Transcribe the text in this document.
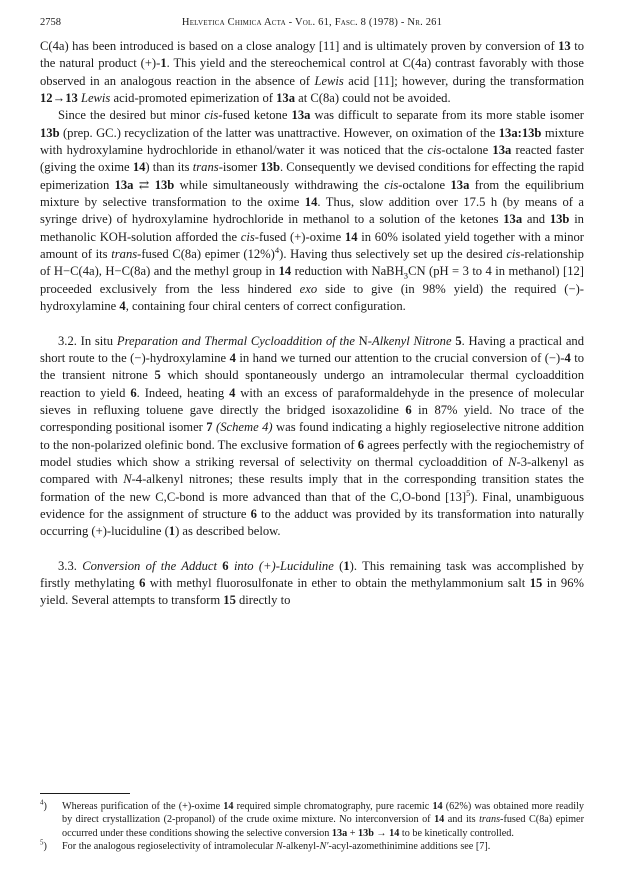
2758	Helvetica Chimica Acta - Vol. 61, Fasc. 8 (1978) - Nr. 261

C(4a) has been introduced is based on a close analogy [11] and is ultimately proven by conversion of 13 to the natural product (+)-1. This yield and the stereochemical control at C(4a) contrast favorably with those observed in an analogous reaction in the absence of Lewis acid [11]; however, during the transformation 12→13 Lewis acid-promoted epimerization of 13a at C(8a) could not be avoided.

Since the desired but minor cis-fused ketone 13a was difficult to separate from its more stable isomer 13b (prep. GC.) recyclization of the latter was unattractive. However, on oximation of the 13a:13b mixture with hydroxylamine hydrochloride in ethanol/water it was noticed that the cis-octalone 13a reacted faster (giving the oxime 14) than its trans-isomer 13b. Consequently we devised conditions for effecting the rapid epimerization 13a ⇄ 13b while simultaneously withdrawing the cis-octalone 13a from the equilibrium mixture by selective transformation to the oxime 14. Thus, slow addition over 17.5 h (by means of a syringe drive) of hydroxylamine hydrochloride in methanol to a solution of the ketones 13a and 13b in methanolic KOH-solution afforded the cis-fused (+)-oxime 14 in 60% isolated yield together with a minor amount of its trans-fused C(8a) epimer $(12\%)^4$). Having thus selectively set up the desired cis-relationship of H−C(4a), H−C(8a) and the methyl group in 14 reduction with NaBH$_3$CN (pH = 3 to 4 in methanol) [12] proceeded exclusively from the less hindered exo side to give (in 98% yield) the required (−)-hydroxylamine 4, containing four chiral centers of correct configuration.

3.2. In situ Preparation and Thermal Cycloaddition of the N-Alkenyl Nitrone 5. Having a practical and short route to the (−)-hydroxylamine 4 in hand we turned our attention to the crucial conversion of (−)-4 to the transient nitrone 5 which should spontaneously undergo an intramolecular thermal cycloaddition reaction to yield 6. Indeed, heating 4 with an excess of paraformaldehyde in the presence of molecular sieves in refluxing toluene gave directly the bridged isoxazolidine 6 in 87% yield. No trace of the corresponding positional isomer 7 (Scheme 4) was found indicating a highly regioselective nitrone addition to the non-polarized olefinic bond. The exclusive formation of 6 agrees perfectly with the regiochemistry of model studies which show a striking reversal of selectivity on thermal cycloaddition of N-3-alkenyl as compared with N-4-alkenyl nitrones; these results imply that in the corresponding transition states the formation of the new C,C-bond is more advanced than that of the C,O-bond $[13]^5$). Final, unambiguous evidence for the assignment of structure 6 to the adduct was provided by its transformation into naturally occurring (+)-luciduline (1) as described below.

3.3. Conversion of the Adduct 6 into (+)-Luciduline (1). This remaining task was accomplished by firstly methylating 6 with methyl fluorosulfonate in ether to obtain the methylammonium salt 15 in 96% yield. Several attempts to transform 15 directly to

$^4$)	Whereas purification of the (+)-oxime 14 required simple chromatography, pure racemic 14 (62%) was obtained more readily by direct crystallization (2-propanol) of the crude oxime mixture. No interconversion of 14 and its trans-fused C(8a) epimer occurred under these conditions showing the selective conversion 13a + 13b → 14 to be kinetically controlled.
$^5$)	For the analogous regioselectivity of intramolecular N-alkenyl-N′-acyl-azomethinimine additions see [7].
